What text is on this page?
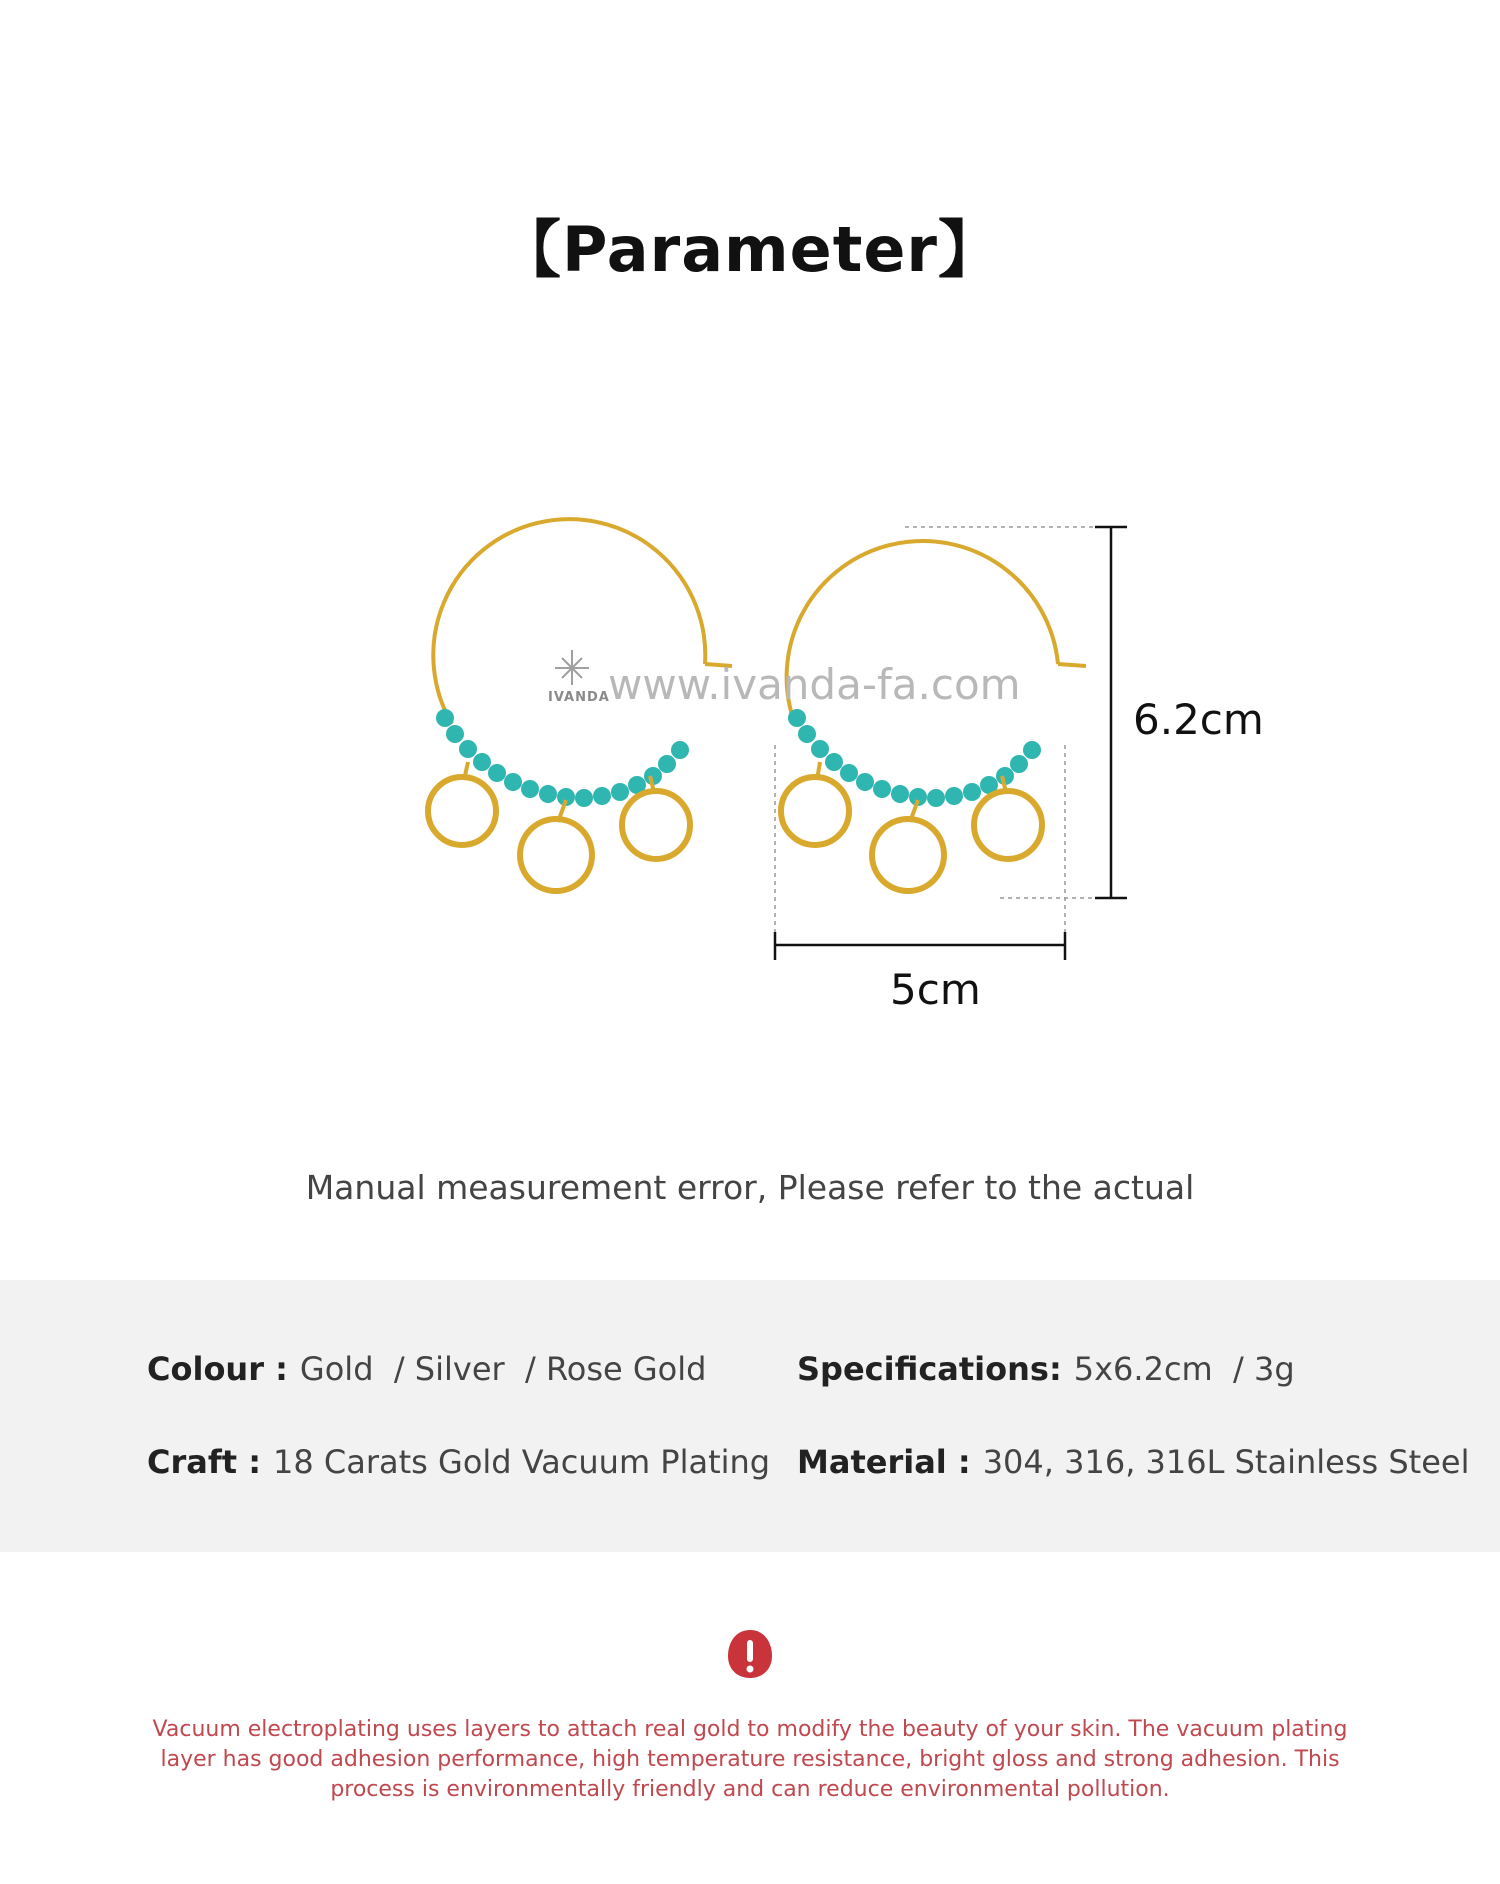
【Parameter】
IVANDA
www.ivanda-fa.com
6.2cm
5cm
Manual measurement error, Please refer to the actual
Colour : Gold  / Silver  / Rose Gold	Specifications: 5x6.2cm  / 3g
Craft : 18 Carats Gold Vacuum Plating Material : 304, 316, 316L Stainless Steel
Vacuum electroplating uses layers to attach real gold to modify the beauty of your skin. The vacuum plating layer has good adhesion performance, high temperature resistance, bright gloss and strong adhesion. This process is environmentally friendly and can reduce environmental pollution.
